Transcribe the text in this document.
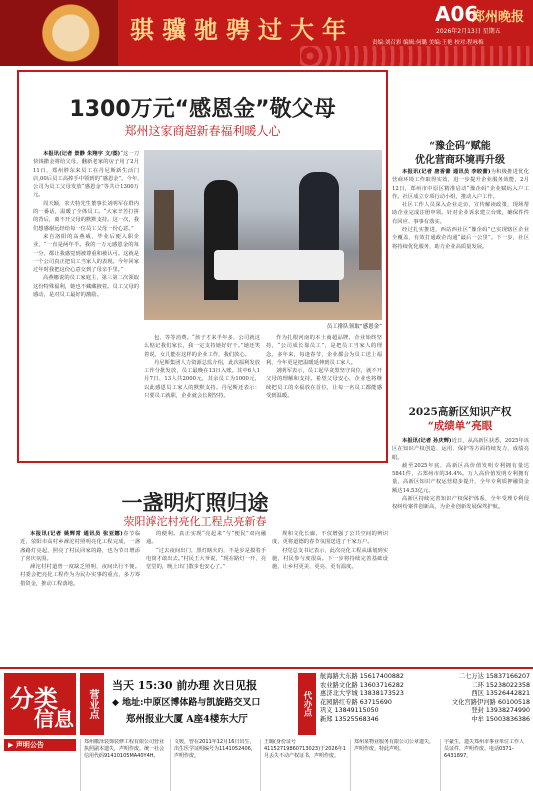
骐骥驰骋过大年
A06
郑州晚报
2026年2月13日 星期五
责编:刘召彩 编辑:何璐 美编:王艳 校对:程咏梅
1300万元“感恩金”敬父母
郑州这家商超新春福利暖人心

本报讯(记者 景静 朱翔宇 文/图)“这一刀快钱撒金将给父母，翻新老家的房子用了2月11日，郑州胖东来员工在丹尼斯新生活门店,00后员工高捧手中领到的“感恩金”。今年,公司为员工父母发放“感恩金”等共计1300万元。

周天颖，农夫特先生董事长刘明军在群内的一番话，温暖了全体员工。“大家辛苦打拼的背后，离不开父母的默默支持。这一次，我们想感谢远经给每一位员工父母一份心意。”

来自洛阳的高燕威，毕业后便入职企业，“一直是两年半。我的一万元感恩金的每一分，都让我感觉到被尊重和被认可。这就是一个公司真正把员工当家人的表现。今年回家过年时我把这份心意交到了母亲手里。”

高燕娜说的员工家庭主，第三第二次领取这份特殊福利，她也不藏藏掖着。员工父母的感动，是对员工最好的激励。

员工排队领取“感恩金”

包、等等消费。“孩子才来半年多，公司就这么惦记我们家长，我一定支持她好好干。”她还笑着说，女儿能在这样的企业工作，我们放心。

丹尼斯集团人力资源总监介绍，此次福利发放工作分批发放，员工最晚在13日入账。其中6人1月7日、13人共2000元，其余员工为1000元，以此感恩员工家人的默默支持。丹尼斯还表示：只要员工就职，企业就会长期坚持。

作为扎根河南的本土商超品牌，企业始终坚持，“公司成长靠员工”，是把员工当家人的理念。多年来，每逢春节，企业都会为员工送上福利，今年更是把温暖延伸到员工家人。

刘明军表示，员工起早贪黑坚守岗位，就不开父母的理解和支持。希望父母安心，企业也将继续把员工的幸福放在首位，让每一名员工都能感受到温暖。

“豫企码”赋能
优化营商环境再升级

本报讯(记者 唐香蕾 通讯员 李皎蕾)为积极推进优化营商环境工作取得实效，进一步提升企业服务效能，2月12日，郑州市中原区精准启动“豫企码”企业赋码入户工作。社区成立专项行动小组，推动入户工作。

社区工作人员深入企业走访，宣传解读政策，现场帮助企业完成注册申领。针对企业诉求建立台账，确保件件有回应、事事有落实。

经过扎实推进，西站西社区“豫企码”已实现辖区企业全覆盖，有效打通政企沟通“最后一公里”。下一步，社区将持续优化服务，助力企业高质量发展。

2025高新区知识产权
“成绩单”亮眼

本报讯(记者 孙庆辉)近日，从高新区获悉，2025年该区在知识产权创造、运用、保护等方面持续发力，成绩亮眼。

截至2025年底，高新区高价值发明专利拥有量达5841件，占郑州市的34.4%。万人高价值发明专利拥有量，高新区知识产权运营稳步提升，全年专利质押融资金额达14.53亿元。

高新区持续完善知识产权保护体系，全年受理专利侵权纠纷案件创新高，为企业创新发展保驾护航。

一盏明灯照归途
荥阳滹沱村亮化工程点亮新春

本报讯(记者 姚辉常 通讯员 张亚娜)春节临近，荥阳市高村乡滹沱村照明亮化工程完成，一盏盏路灯亮起，照亮了村民回家的路，也为节日增添了喜庆氛围。

滹沱村村道曾一度缺乏照明，夜间出行不便。村委会把亮化工程作为为民办实事的重点，多方筹措资金，推动工程落地。

的便利。真正实现“亮起来”与“便民”双向融通。

“过去夜间出门，黑灯瞎火的，不是步是摸着手电筒才敢出去。”村民王大爷说，“现在路灯一开，亮堂堂的，晚上出门散步也安心了。”

规和文化长廊，不仅增强了公共空间的辨识度，更将道德的春节氛围送进了千家万户。

村党总支书记表示，此次亮化工程从谋划到实施，村民参与度很高。下一步将持续完善基础设施，让乡村更美、更亮、更有温度。

分类
信息	营业点
当天 15:30 前办理 次日见报
◆ 地址:中原区博体路与凯旋路交叉口
郑州报业大厦 A座4楼东大厅
代办点
航海路大东路 15617400882	二七万达 15837166207
农业路文化路 13603716282	二环 15238022358
惠济北大学城 13838173523	西区 13526442821
花园路红专路 63715690	文化宫路伊河路 60100518
巩义 13849115050	登封 13938274990
新郑 13525568346	中牟 15003836386
▶ 声明公告	郑州徽泽装饰装修工程有限公司营业执照副本遗失，声明作废。统一社会信用代码91410105MA40Y4H。
文媛，曾在2011年12月16日出生，出生医学证明编号为1141052406，声明作废。
王璐(身份证号41152719860713023)于2026年1月丢失不动产权证书，声明作废。
郑州某物业服务有限公司公章遗失，声明作废。特此声明。
宇豪生，遗失郑州市事业单位工作人员证件，声明作废。电话0371-6431897。
